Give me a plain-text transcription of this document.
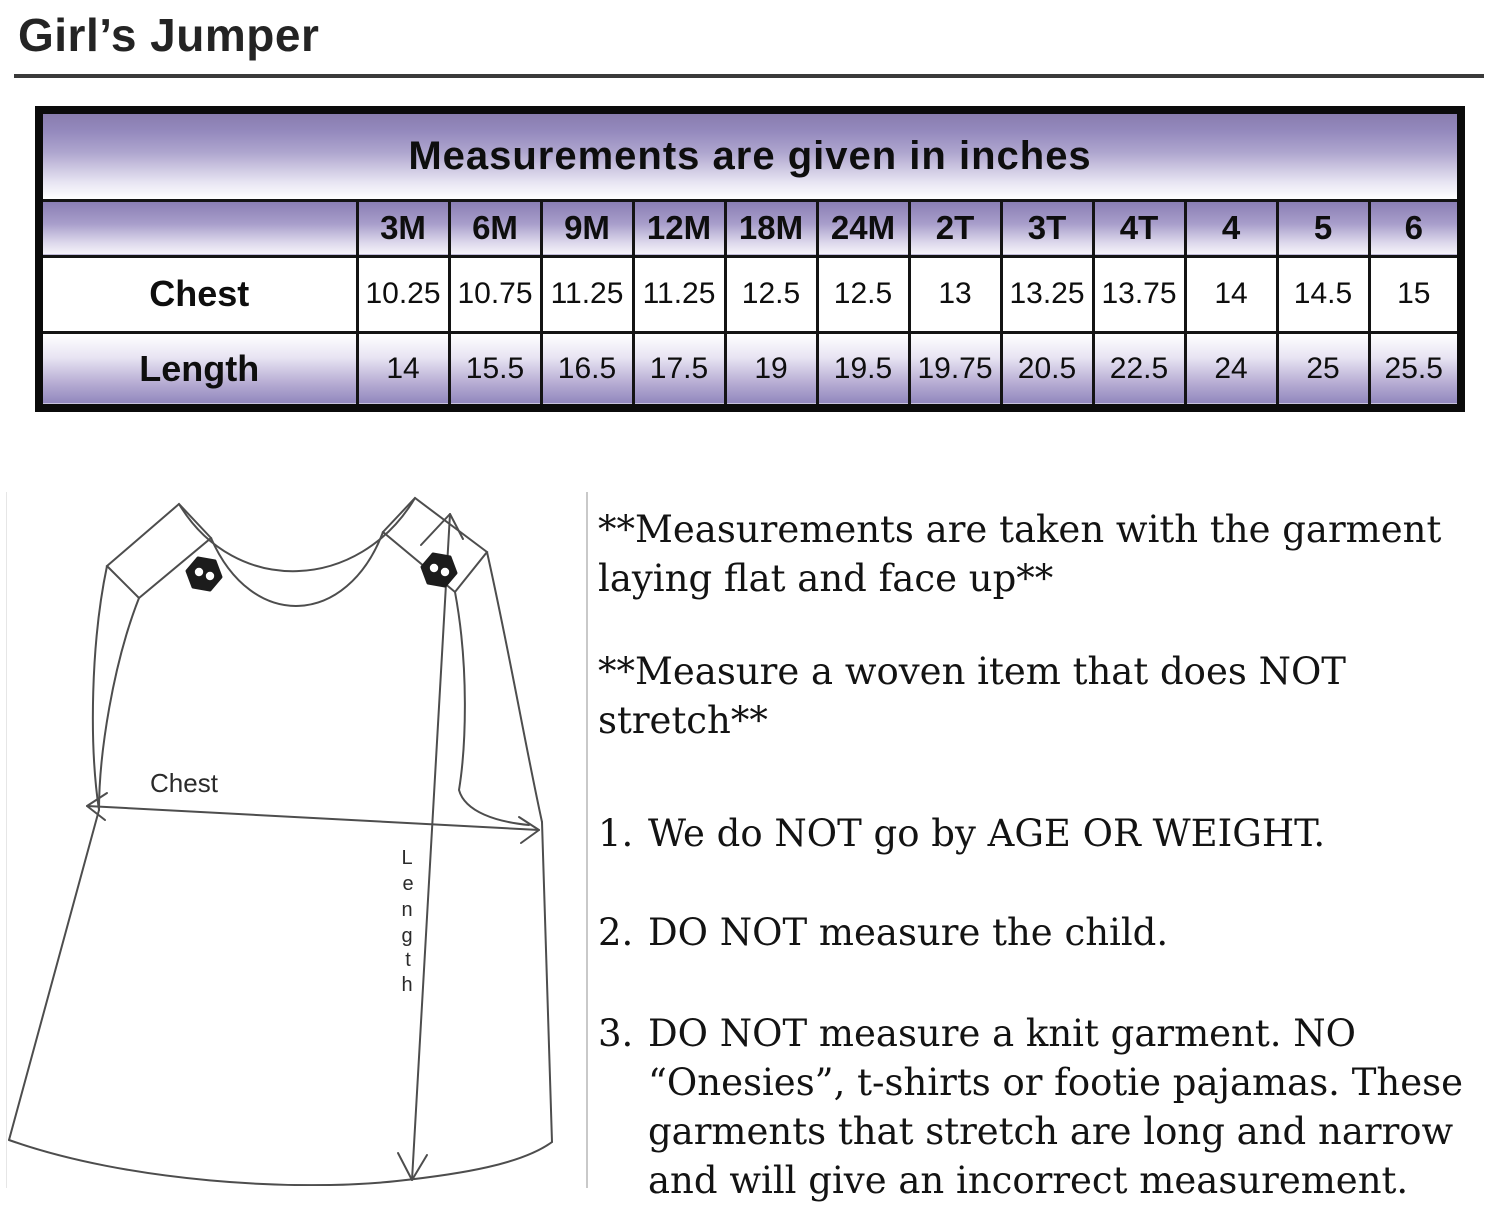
Girl’s Jumper
Measurements are given in inches												
	3M	6M	9M	12M	18M	24M	2T	3T	4T	4	5	6
Chest	10.25	10.75	11.25	11.25	12.5	12.5	13	13.25	13.75	14	14.5	15
Length	14	15.5	16.5	17.5	19	19.5	19.75	20.5	22.5	24	25	25.5
Chest
L
e
n
g
t
h

**Measurements are taken with the garment laying flat and face up**

**Measure a woven item that does NOT stretch**

1. We do NOT go by AGE OR WEIGHT.
2. DO NOT measure the child.
3. DO NOT measure a knit garment. NO “Onesies”, t-shirts or footie pajamas. These garments that stretch are long and narrow and will give an incorrect measurement.
